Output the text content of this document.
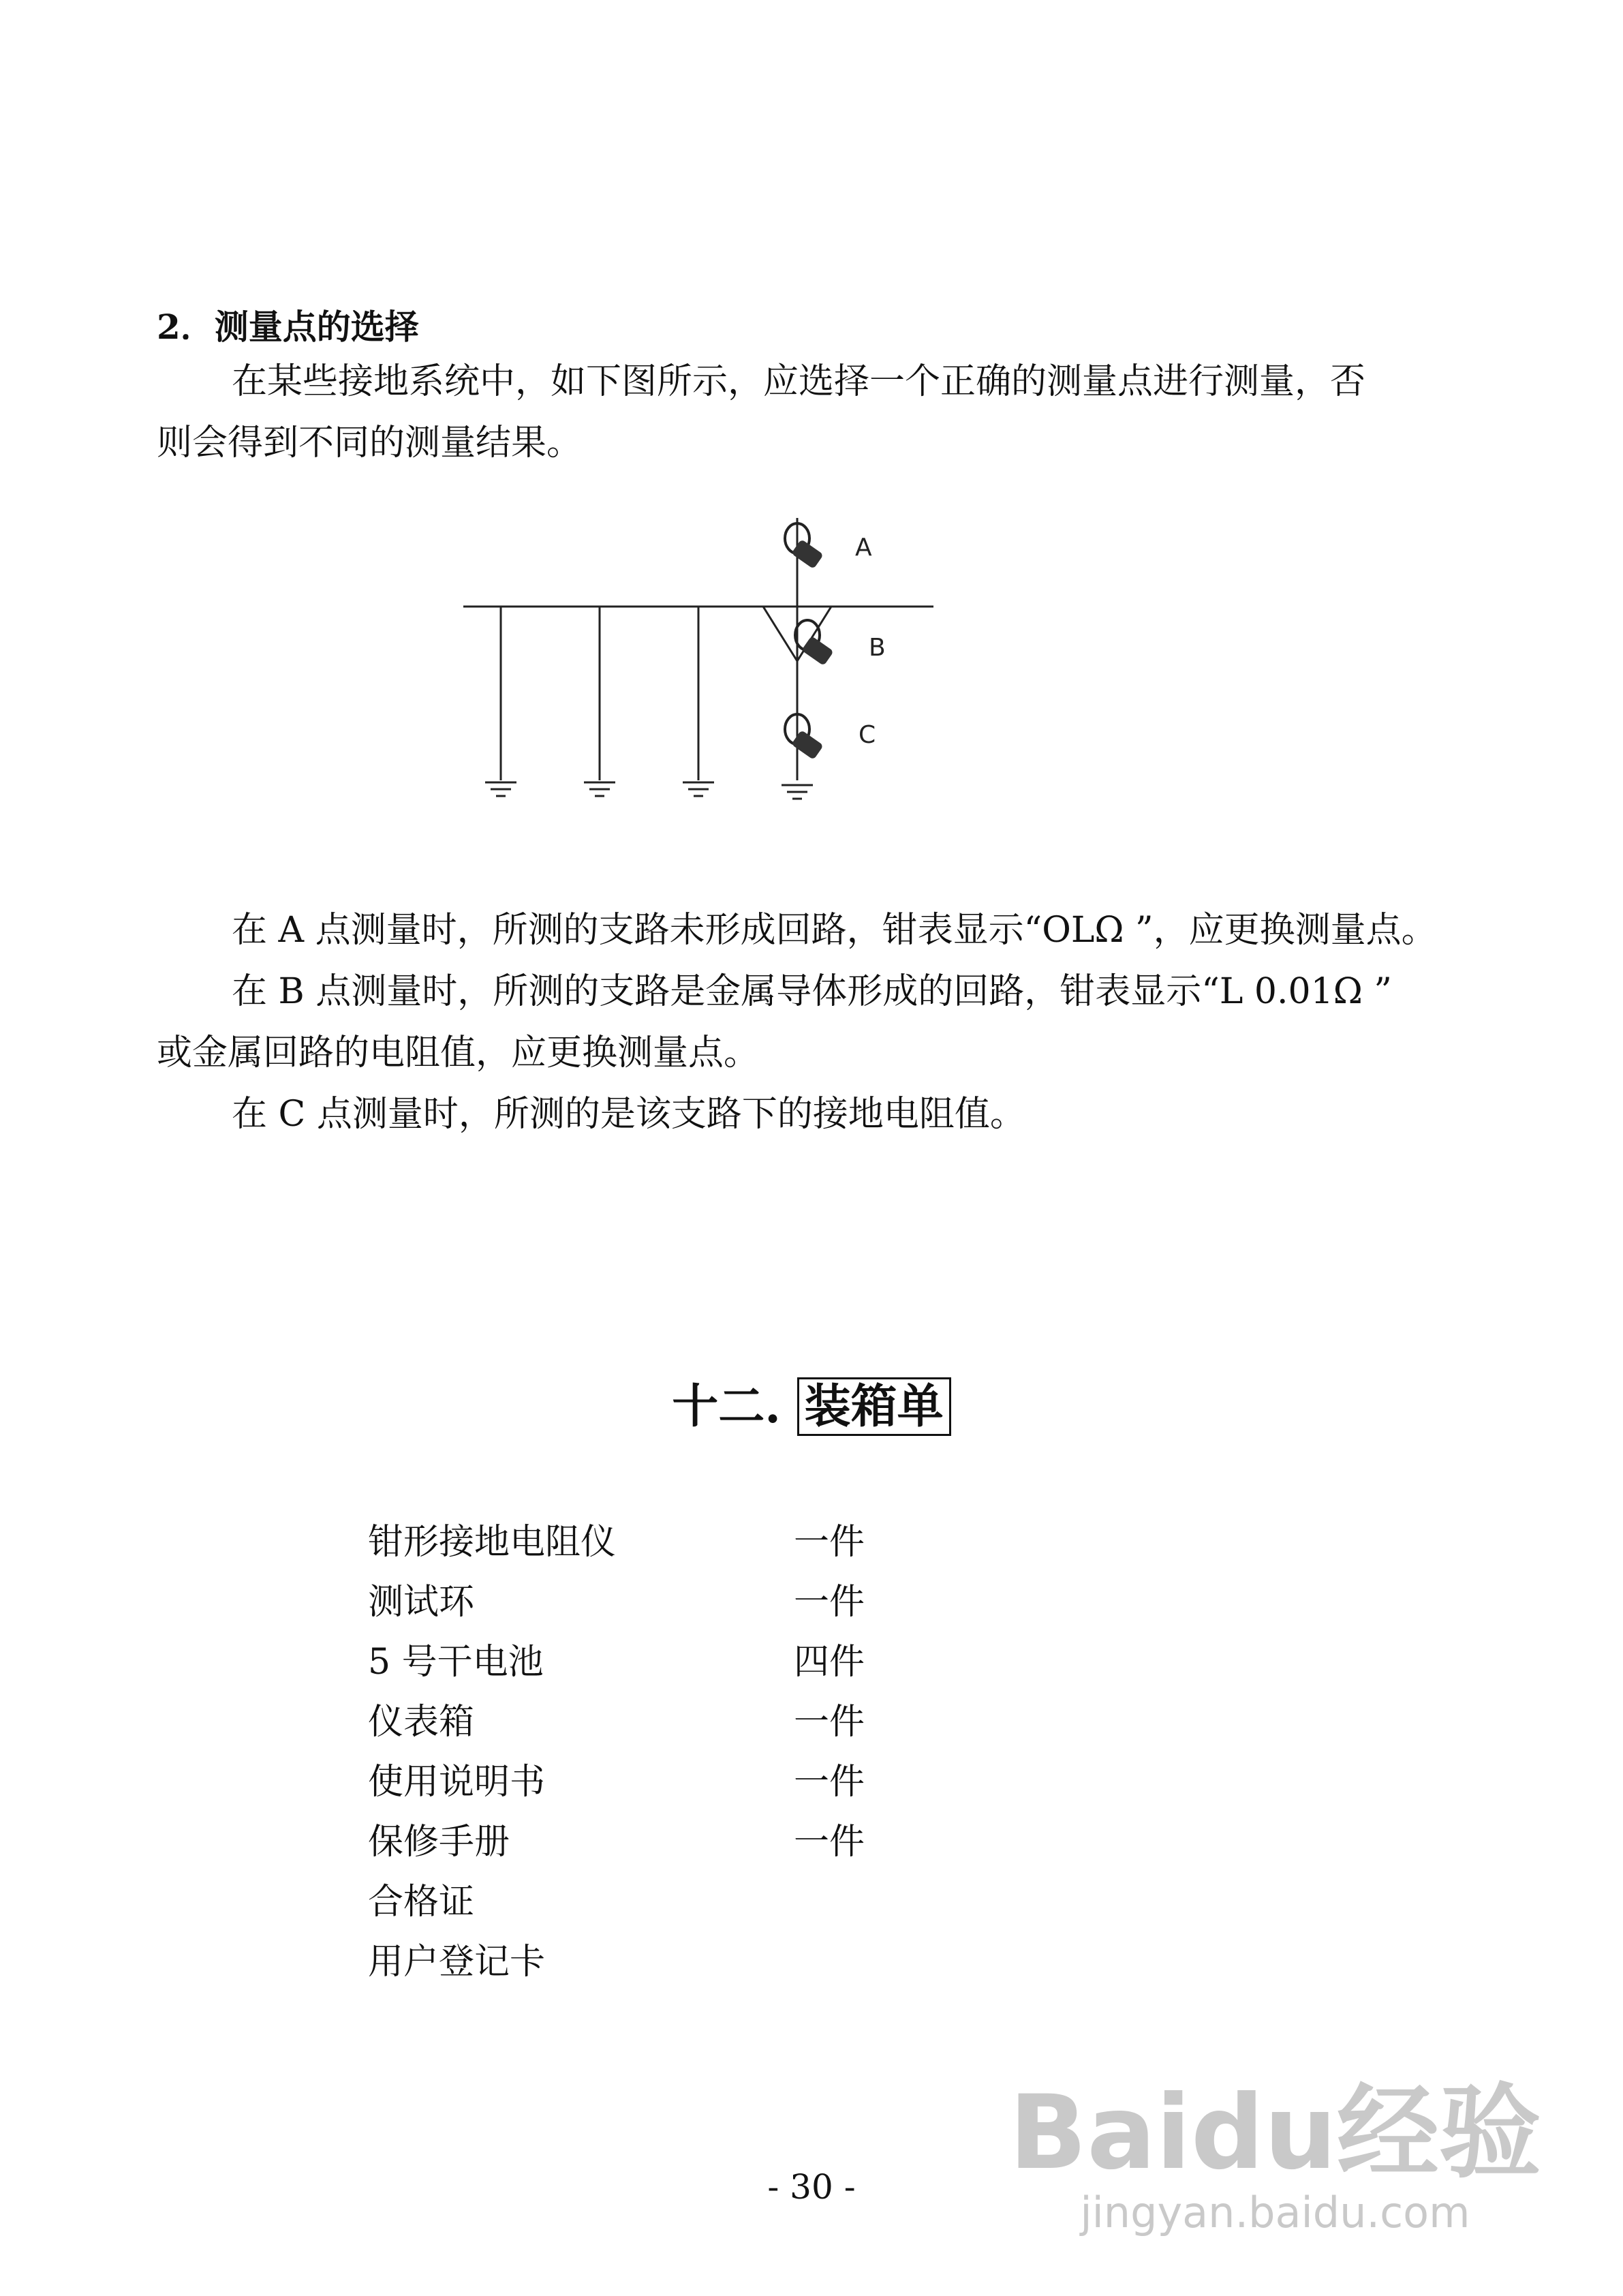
2．测量点的选择
在某些接地系统中，如下图所示，应选择一个正确的测量点进行测量，否
则会得到不同的测量结果。
A
B
C
在 A 点测量时，所测的支路未形成回路，钳表显示“OLΩ ”，应更换测量点。
在 B 点测量时，所测的支路是金属导体形成的回路，钳表显示“L 0.01Ω ”
或金属回路的电阻值，应更换测量点。
在 C 点测量时，所测的是该支路下的接地电阻值。
十二. 装箱单
钳形接地电阻仪	一件
测试环	一件
5 号干电池	四件
仪表箱	一件
使用说明书	一件
保修手册	一件
合格证
用户登记卡
Baidu经验
jingyan.baidu.com
- 30 -
